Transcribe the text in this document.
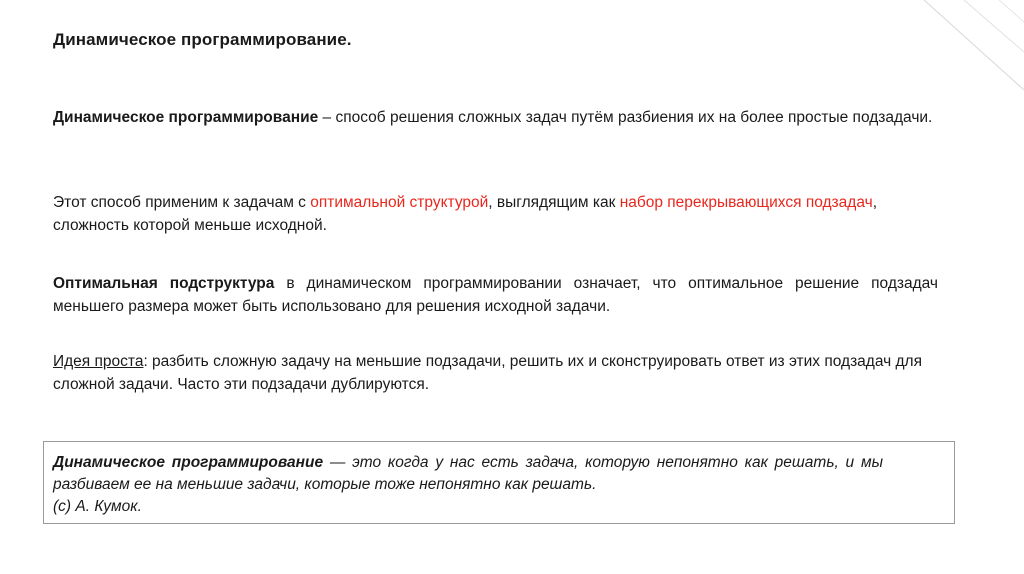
Динамическое программирование.
Динамическое программирование – способ решения сложных задач путём разбиения их на более простые подзадачи.
Этот способ применим к задачам с оптимальной структурой, выглядящим как набор перекрывающихся подзадач, сложность которой меньше исходной.
Оптимальная подструктура в динамическом программировании означает, что оптимальное решение подзадач меньшего размера может быть использовано для решения исходной задачи.
Идея проста: разбить сложную задачу на меньшие подзадачи, решить их и сконструировать ответ из этих подзадач для сложной задачи. Часто эти подзадачи дублируются.
Динамическое программирование — это когда у нас есть задача, которую непонятно как решать, и мы разбиваем ее на меньшие задачи, которые тоже непонятно как решать.
(с) А. Кумок.
